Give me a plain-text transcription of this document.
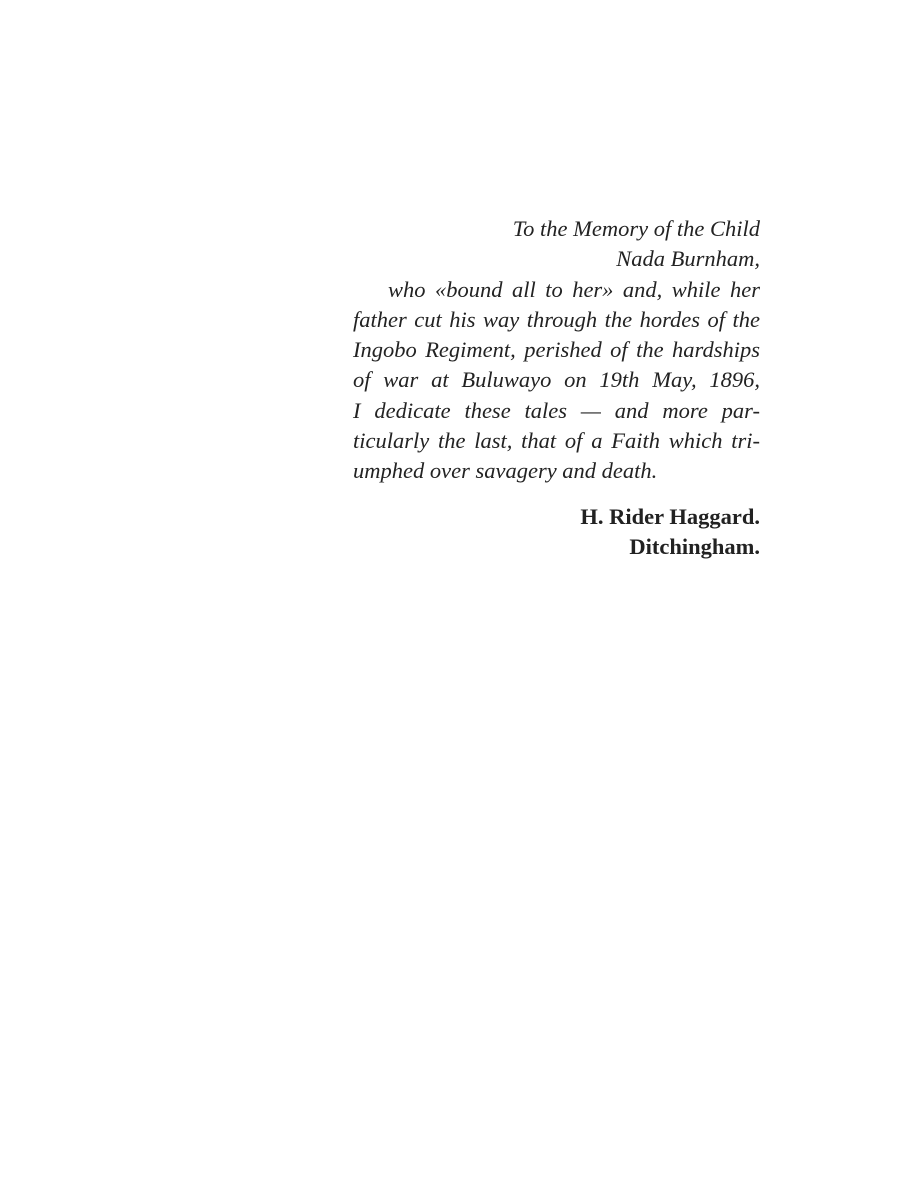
To the Memory of the Child
Nada Burnham,
who «bound all to her» and, while her
father cut his way through the hordes of the
Ingobo Regiment, perished of the hardships
of war at Buluwayo on 19th May, 1896,
I dedicate these tales — and more par-
ticularly the last, that of a Faith which tri-
umphed over savagery and death.
H. Rider Haggard.
Ditchingham.
